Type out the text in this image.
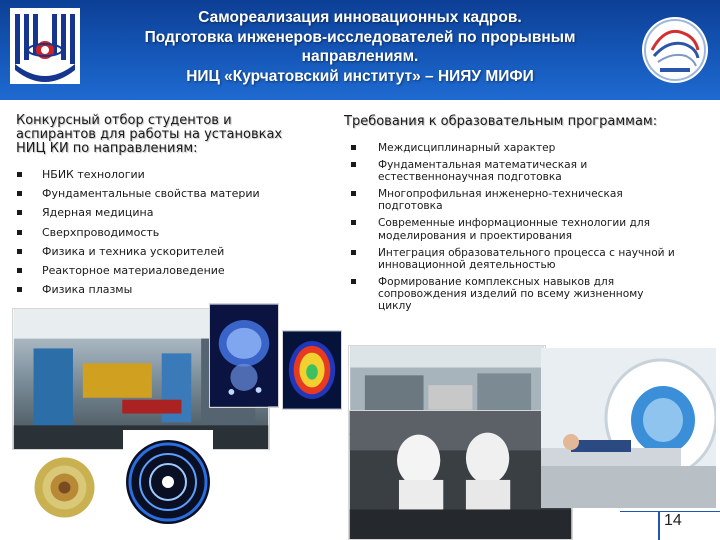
Самореализация инновационных кадров.
Подготовка инженеров-исследователей по прорывным
направлениям.
НИЦ «Курчатовский институт» – НИЯУ МИФИ
Конкурсный отбор студентов и
аспирантов для работы на установках
НИЦ КИ по направлениям:
НБИК технологии
Фундаментальные свойства материи
Ядерная медицина
Сверхпроводимость
Физика и техника ускорителей
Реакторное материаловедение
Физика плазмы
Требования к образовательным программам:
Междисциплинарный характер
Фундаментальная математическая и
естественнонаучная подготовка
Многопрофильная инженерно-техническая
подготовка
Современные информационные технологии для
моделирования и проектирования
Интеграция образовательного процесса с научной и
инновационной деятельностью
Формирование комплексных навыков для
сопровождения изделий по всему жизненному
циклу
14
